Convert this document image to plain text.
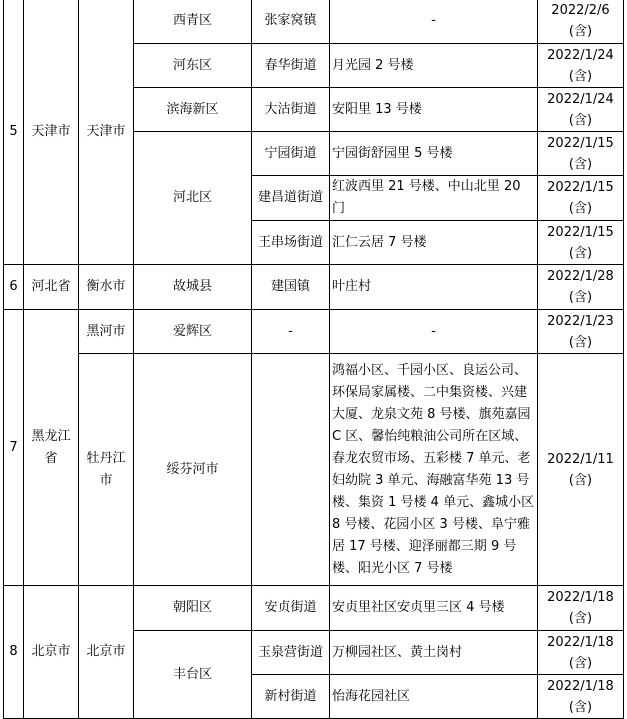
5	天津市	天津市	西青区	张家窝镇	-	2022/2/6
(含)

			河东区	春华街道	月光园 2 号楼	2022/1/24
(含)

			滨海新区	大沽街道	安阳里 13 号楼	2022/1/24
(含)

			河北区	宁园街道	宁园街舒园里 5 号楼	2022/1/15
(含)

				建昌道街道	红波西里 21 号楼、中山北里 20 门	2022/1/15
(含)

				王串场街道	汇仁云居 7 号楼	2022/1/15
(含)

6	河北省	衡水市	故城县	建国镇	叶庄村	2022/1/28
(含)

7	黑龙江省	黑河市	爱辉区	-	-	2022/1/23
(含)

		牡丹江市	绥芬河市		鸿福小区、千园小区、良运公司、环保局家属楼、二中集资楼、兴建大厦、龙泉文苑 8 号楼、旗苑嘉园 C 区、馨怡纯粮油公司所在区域、春龙农贸市场、五彩楼 7 单元、老妇幼院 3 单元、海融富华苑 13 号楼、集资 1 号楼 4 单元、鑫城小区 8 号楼、花园小区 3 号楼、阜宁雅居 17 号楼、迎泽丽都三期 9 号楼、阳光小区 7 号楼	2022/1/11
(含)

8	北京市	北京市	朝阳区	安贞街道	安贞里社区安贞里三区 4 号楼	2022/1/18
(含)

			丰台区	玉泉营街道	万柳园社区、黄土岗村	2022/1/18
(含)

				新村街道	怡海花园社区	2022/1/18
(含)
